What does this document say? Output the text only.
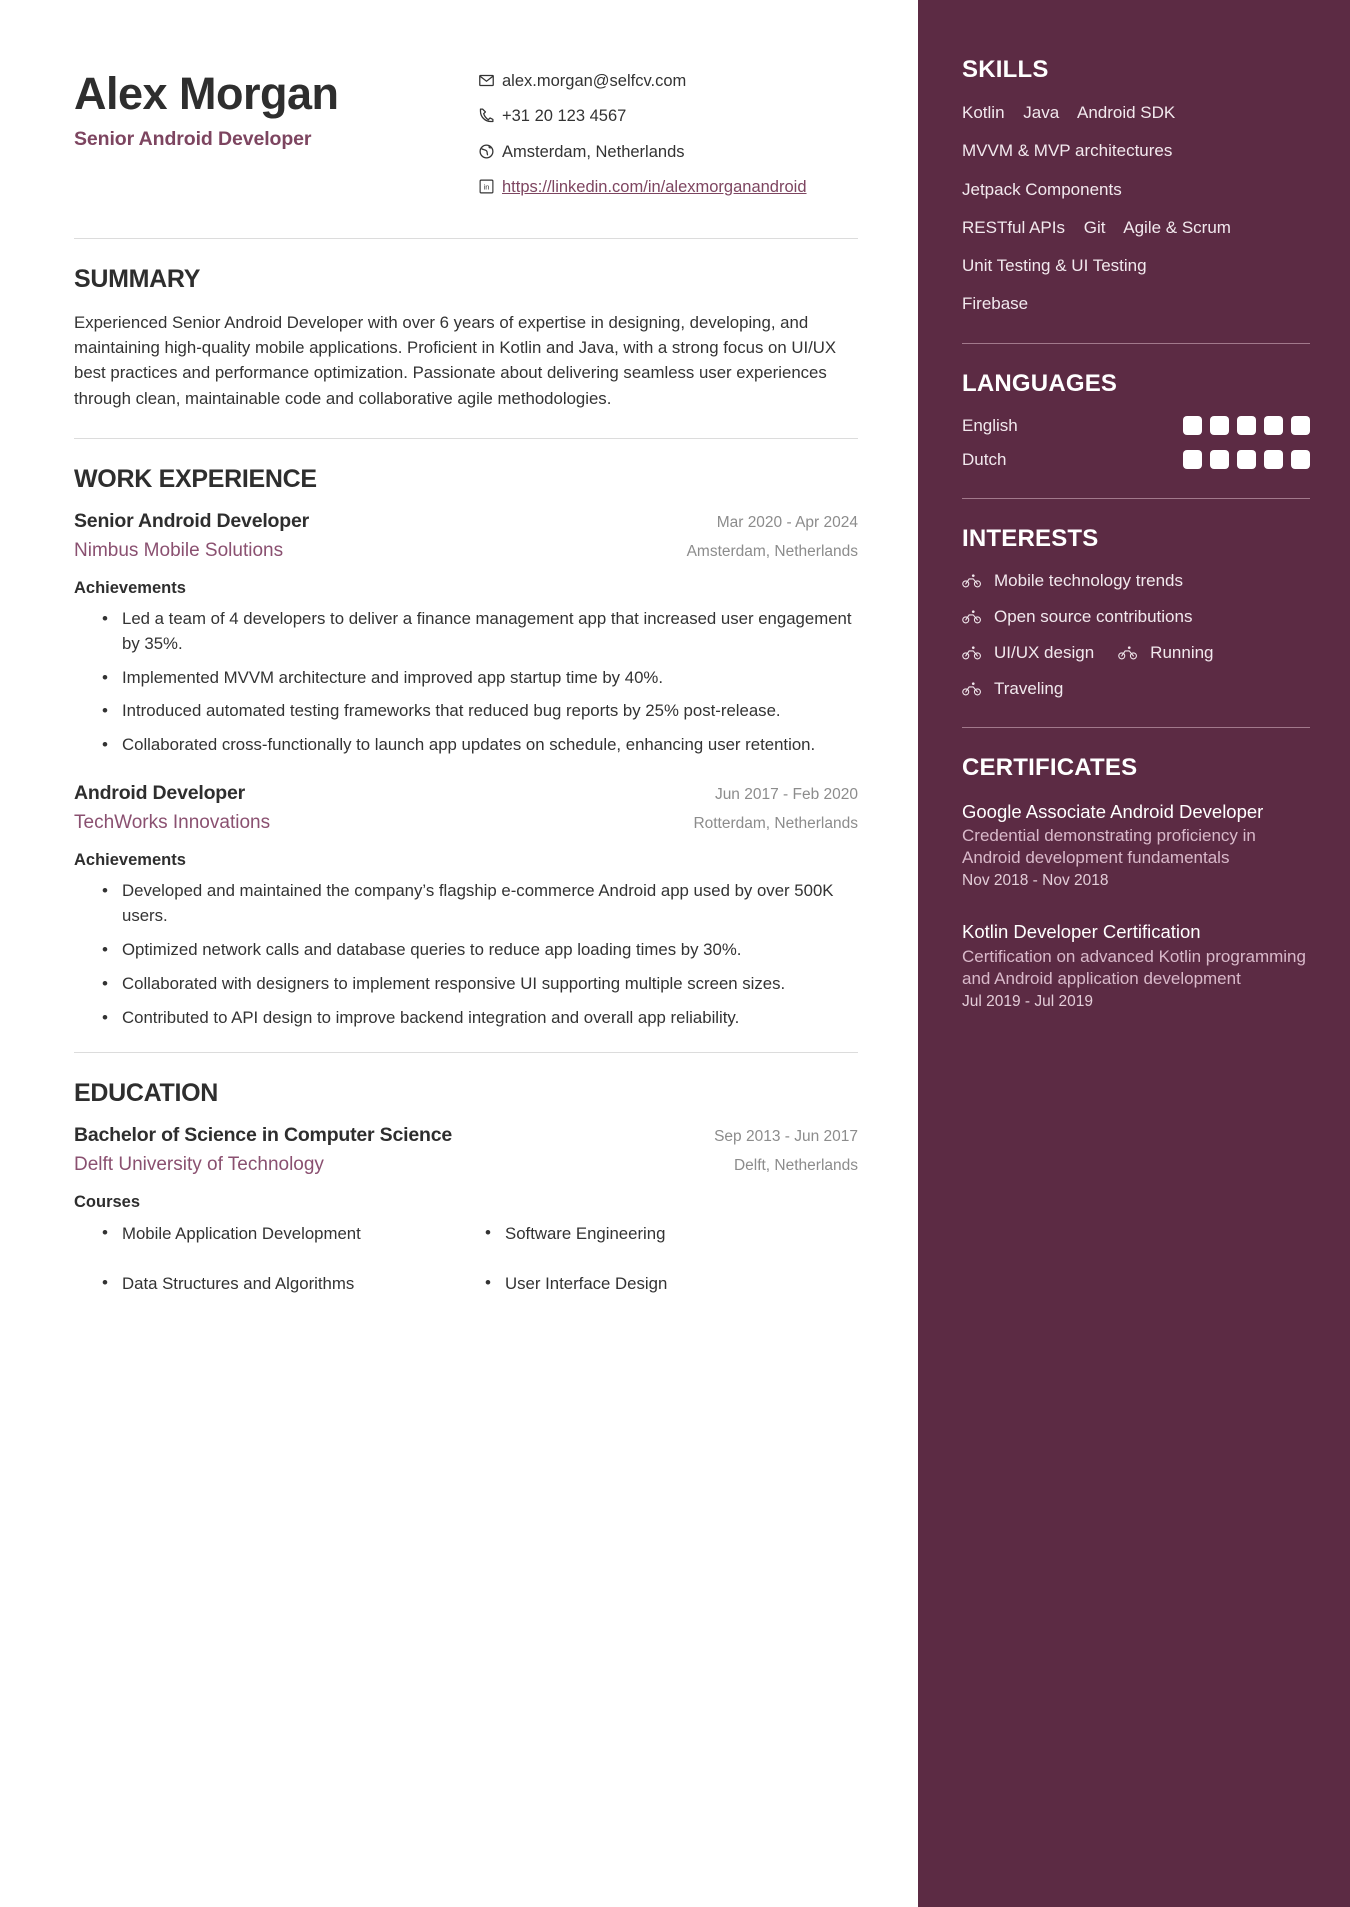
Alex Morgan
Senior Android Developer
alex.morgan@selfcv.com
+31 20 123 4567
Amsterdam, Netherlands
in https://linkedin.com/in/alexmorganandroid
SUMMARY
Experienced Senior Android Developer with over 6 years of expertise in designing, developing, and maintaining high-quality mobile applications. Proficient in Kotlin and Java, with a strong focus on UI/UX best practices and performance optimization. Passionate about delivering seamless user experiences through clean, maintainable code and collaborative agile methodologies.
WORK EXPERIENCE
Senior Android Developer	Mar 2020 - Apr 2024
Nimbus Mobile Solutions	Amsterdam, Netherlands
Achievements
• Led a team of 4 developers to deliver a finance management app that increased user engagement by 35%.
• Implemented MVVM architecture and improved app startup time by 40%.
• Introduced automated testing frameworks that reduced bug reports by 25% post-release.
• Collaborated cross-functionally to launch app updates on schedule, enhancing user retention.
Android Developer	Jun 2017 - Feb 2020
TechWorks Innovations	Rotterdam, Netherlands
Achievements
• Developed and maintained the company’s flagship e-commerce Android app used by over 500K users.
• Optimized network calls and database queries to reduce app loading times by 30%.
• Collaborated with designers to implement responsive UI supporting multiple screen sizes.
• Contributed to API design to improve backend integration and overall app reliability.
EDUCATION
Bachelor of Science in Computer Science	Sep 2013 - Jun 2017
Delft University of Technology	Delft, Netherlands
Courses
• Mobile Application Development	• Software Engineering
• Data Structures and Algorithms	• User Interface Design
SKILLS
Kotlin Java Android SDK
MVVM & MVP architectures
Jetpack Components
RESTful APIs Git Agile & Scrum
Unit Testing & UI Testing
Firebase
LANGUAGES
English
Dutch
INTERESTS
Mobile technology trends
Open source contributions
UI/UX design	Running
Traveling
CERTIFICATES
Google Associate Android Developer
Credential demonstrating proficiency in Android development fundamentals
Nov 2018 - Nov 2018
Kotlin Developer Certification
Certification on advanced Kotlin programming and Android application development
Jul 2019 - Jul 2019
